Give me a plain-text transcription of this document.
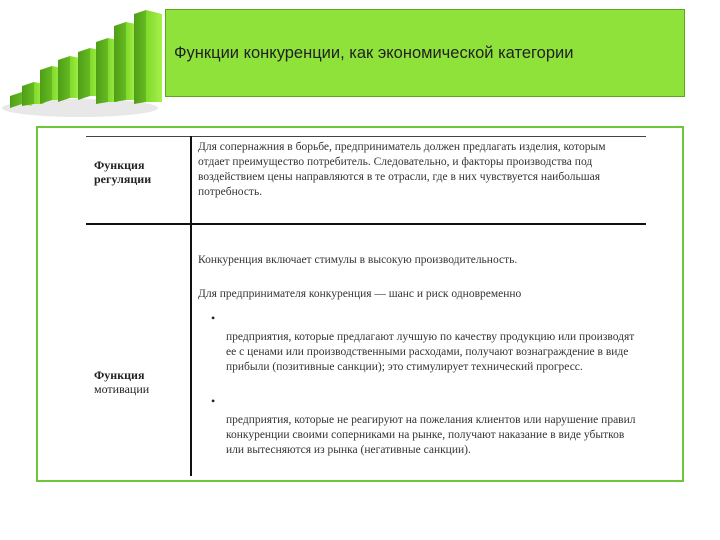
Функции конкуренции, как экономической категории
Функция
регуляции
Для сопернажния в борьбе, предприниматель должен предлагать изделия, которым отдает преимущество потребитель. Следовательно, и факторы производства под воздействием цены направляются в те отрасли, где в них чувствуется наибольшая потребность.
Функция
мотивации
Конкуренция включает стимулы в высокую производительность.
Для предпринимателя конкуренция — шанс и риск одновременно
•
предприятия, которые предлагают лучшую по качеству продукцию или производят ее с ценами или производственными расходами, получают вознаграждение в виде прибыли (позитивные санкции); это стимулирует технический прогресс.
•
предприятия, которые не реагируют на пожелания клиентов или нарушение правил конкуренции своими соперниками на рынке, получают наказание в виде убытков или вытесняются из рынка (негативные санкции).
